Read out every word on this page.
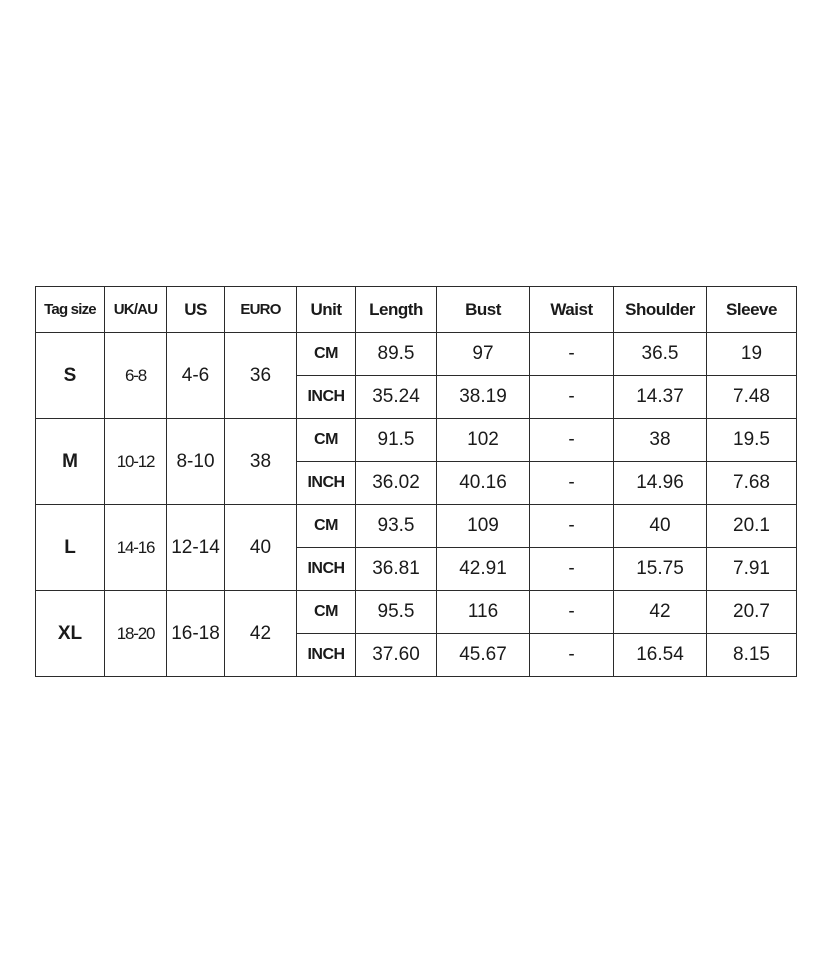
Tag size	UK/AU	US	EURO	Unit	Length	Bust	Waist	Shoulder	Sleeve
S	6-8	4-6	36	CM	89.5	97	-	36.5	19
				INCH	35.24	38.19	-	14.37	7.48
M	10-12	8-10	38	CM	91.5	102	-	38	19.5
				INCH	36.02	40.16	-	14.96	7.68
L	14-16	12-14	40	CM	93.5	109	-	40	20.1
				INCH	36.81	42.91	-	15.75	7.91
XL	18-20	16-18	42	CM	95.5	116	-	42	20.7
				INCH	37.60	45.67	-	16.54	8.15
